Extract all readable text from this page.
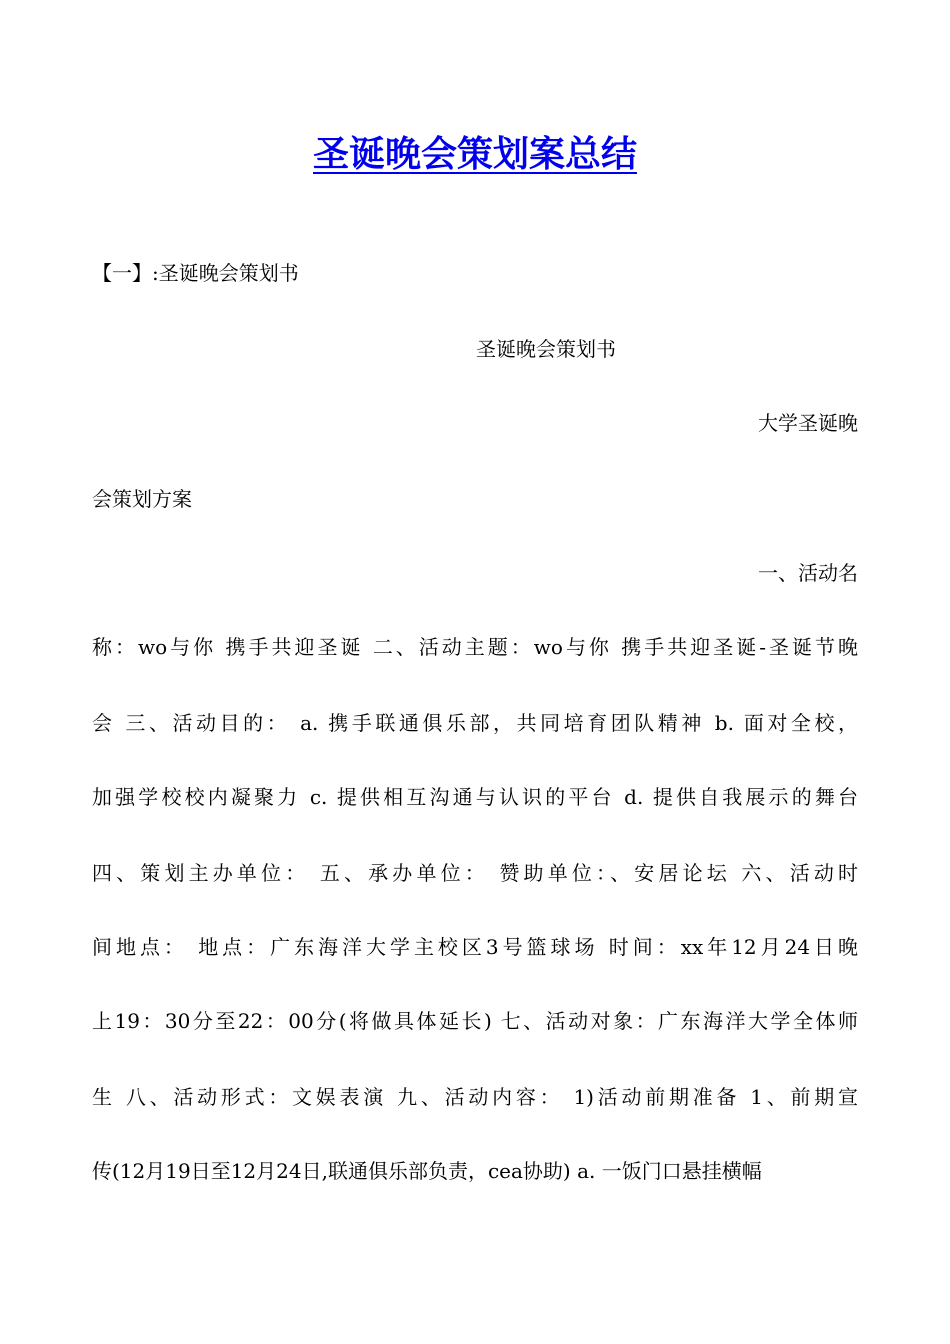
圣诞晚会策划案总结

【一】:圣诞晚会策划书

圣诞晚会策划书

大学圣诞晚

会策划方案

一、活动名

称：wo与你 携手共迎圣诞 二、活动主题：wo与你 携手共迎圣诞-圣诞节晚

会 三、活动目的： a. 携手联通俱乐部，共同培育团队精神 b. 面对全校，

加强学校校内凝聚力 c. 提供相互沟通与认识的平台 d. 提供自我展示的舞台

四、策划主办单位： 五、承办单位： 赞助单位：、安居论坛 六、活动时

间地点： 地点：广东海洋大学主校区3号篮球场 时间：xx年12月24日晚

上19：30分至22：00分(将做具体延长) 七、活动对象：广东海洋大学全体师

生 八、活动形式：文娱表演 九、活动内容： 1)活动前期准备 1、前期宣

传(12月19日至12月24日,联通俱乐部负责，cea协助) a. 一饭门口悬挂横幅
